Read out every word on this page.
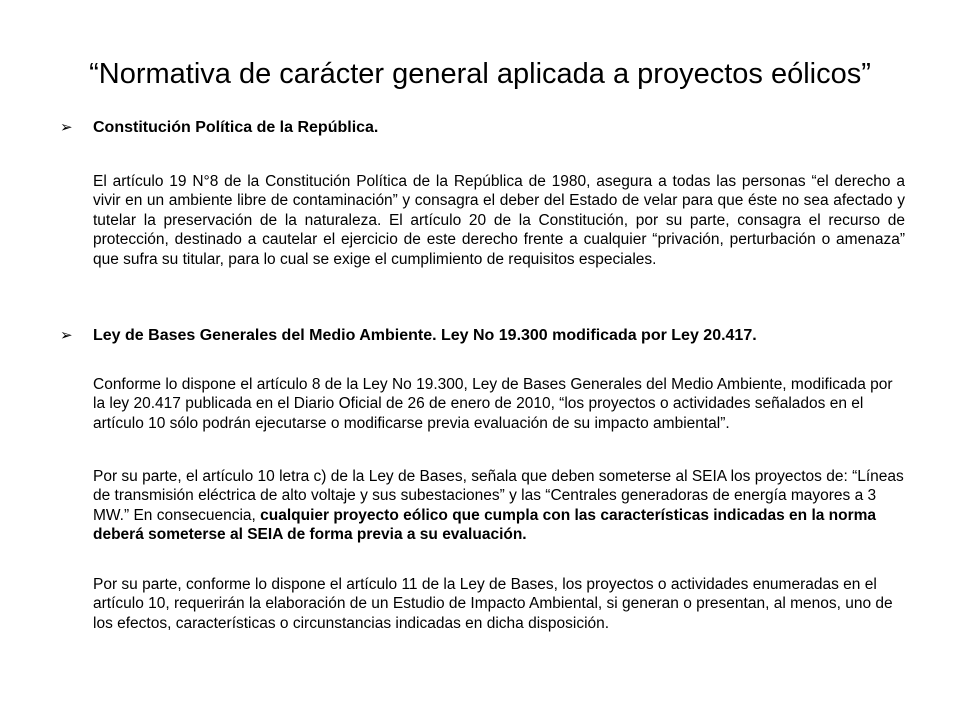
“Normativa de carácter general aplicada a proyectos eólicos”
➢	Constitución Política de la República.

El artículo 19 N°8 de la Constitución Política de la República de 1980, asegura a todas las personas “el derecho a vivir en un ambiente libre de contaminación” y consagra el deber del Estado de velar para que éste no sea afectado y tutelar la preservación de la naturaleza. El artículo 20 de la Constitución, por su parte, consagra el recurso de protección, destinado a cautelar el ejercicio de este derecho frente a cualquier “privación, perturbación o amenaza” que sufra su titular, para lo cual se exige el cumplimiento de requisitos especiales.

➢	Ley de Bases Generales del Medio Ambiente. Ley No 19.300 modificada por Ley 20.417.

Conforme lo dispone el artículo 8 de la Ley No 19.300, Ley de Bases Generales del Medio Ambiente, modificada por la ley 20.417 publicada en el Diario Oficial de 26 de enero de 2010, “los proyectos o actividades señalados en el artículo 10 sólo podrán ejecutarse o modificarse previa evaluación de su impacto ambiental”.

Por su parte, el artículo 10 letra c) de la Ley de Bases, señala que deben someterse al SEIA los proyectos de: “Líneas de transmisión eléctrica de alto voltaje y sus subestaciones” y las “Centrales generadoras de energía mayores a 3 MW.” En consecuencia, cualquier proyecto eólico que cumpla con las características indicadas en la norma deberá someterse al SEIA de forma previa a su evaluación.

Por su parte, conforme lo dispone el artículo 11 de la Ley de Bases, los proyectos o actividades enumeradas en el artículo 10, requerirán la elaboración de un Estudio de Impacto Ambiental, si generan o presentan, al menos, uno de los efectos, características o circunstancias indicadas en dicha disposición.
